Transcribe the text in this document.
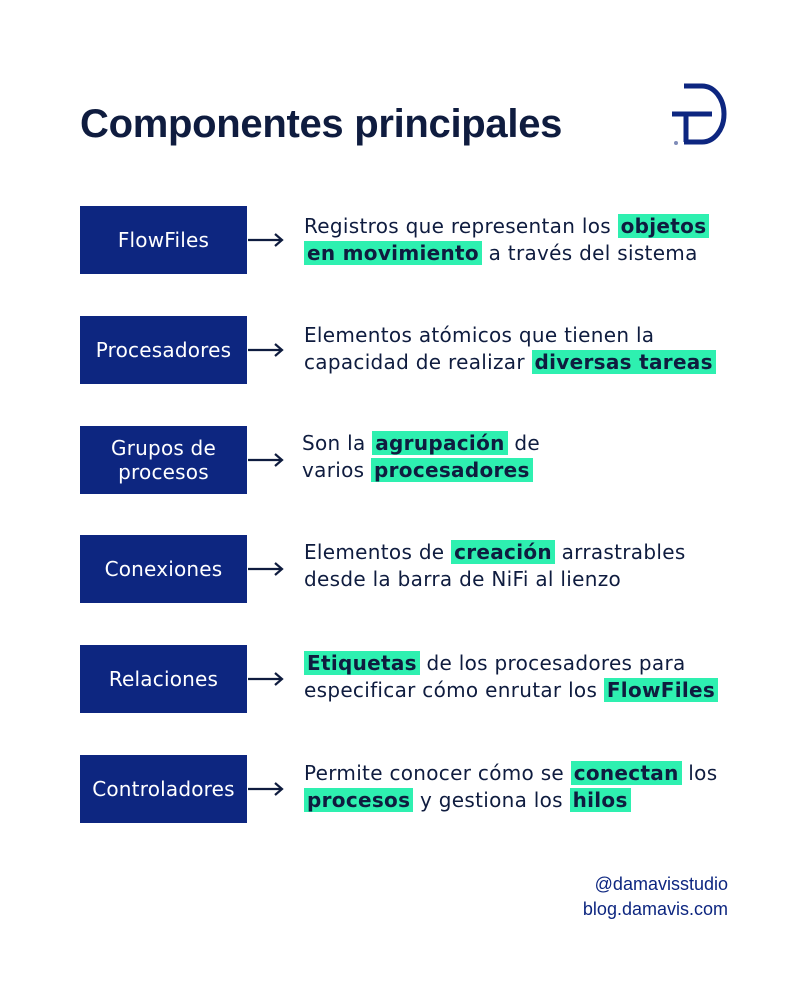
Componentes principales
FlowFiles
Registros que representan los objetos en movimiento a través del sistema
Procesadores
Elementos atómicos que tienen la capacidad de realizar diversas tareas
Grupos de procesos
Son la agrupación de varios procesadores
Conexiones
Elementos de creación arrastrables desde la barra de NiFi al lienzo
Relaciones
Etiquetas de los procesadores para especificar cómo enrutar los FlowFiles
Controladores
Permite conocer cómo se conectan los procesos y gestiona los hilos
@damavisstudio
blog.damavis.com
